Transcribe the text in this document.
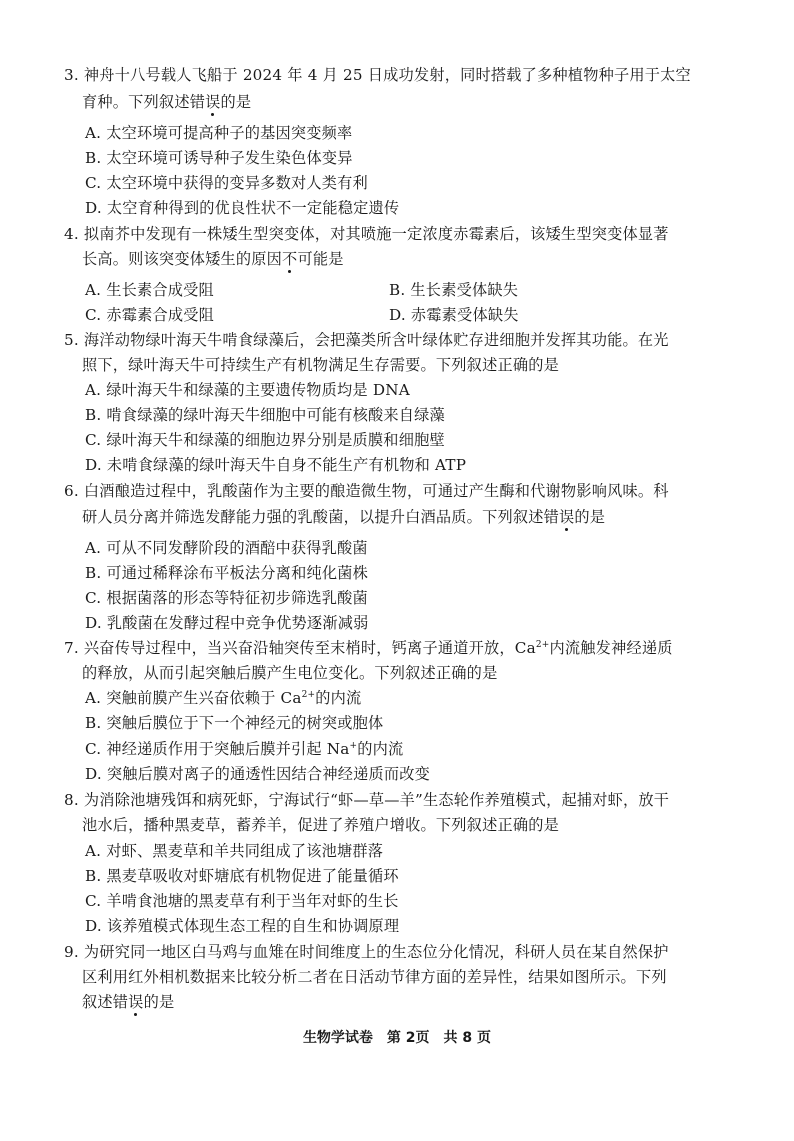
3. 神舟十八号载人飞船于 2024 年 4 月 25 日成功发射，同时搭载了多种植物种子用于太空
育种。下列叙述错误的是
A. 太空环境可提高种子的基因突变频率
B. 太空环境可诱导种子发生染色体变异
C. 太空环境中获得的变异多数对人类有利
D. 太空育种得到的优良性状不一定能稳定遗传
4. 拟南芥中发现有一株矮生型突变体，对其喷施一定浓度赤霉素后，该矮生型突变体显著
长高。则该突变体矮生的原因不可能是
A. 生长素合成受阻	B. 生长素受体缺失
C. 赤霉素合成受阻	D. 赤霉素受体缺失
5. 海洋动物绿叶海天牛啃食绿藻后，会把藻类所含叶绿体贮存进细胞并发挥其功能。在光
照下，绿叶海天牛可持续生产有机物满足生存需要。下列叙述正确的是
A. 绿叶海天牛和绿藻的主要遗传物质均是 DNA
B. 啃食绿藻的绿叶海天牛细胞中可能有核酸来自绿藻
C. 绿叶海天牛和绿藻的细胞边界分别是质膜和细胞壁
D. 未啃食绿藻的绿叶海天牛自身不能生产有机物和 ATP
6. 白酒酿造过程中，乳酸菌作为主要的酿造微生物，可通过产生酶和代谢物影响风味。科
研人员分离并筛选发酵能力强的乳酸菌，以提升白酒品质。下列叙述错误的是
A. 可从不同发酵阶段的酒醅中获得乳酸菌
B. 可通过稀释涂布平板法分离和纯化菌株
C. 根据菌落的形态等特征初步筛选乳酸菌
D. 乳酸菌在发酵过程中竞争优势逐渐减弱
7. 兴奋传导过程中，当兴奋沿轴突传至末梢时，钙离子通道开放，$Ca^{2+}$内流触发神经递质
的释放，从而引起突触后膜产生电位变化。下列叙述正确的是
A. 突触前膜产生兴奋依赖于 $Ca^{2+}$的内流
B. 突触后膜位于下一个神经元的树突或胞体
C. 神经递质作用于突触后膜并引起 Na+的内流
D. 突触后膜对离子的通透性因结合神经递质而改变
8. 为消除池塘残饵和病死虾，宁海试行“虾—草—羊”生态轮作养殖模式，起捕对虾，放干
池水后，播种黑麦草，蓄养羊，促进了养殖户增收。下列叙述正确的是
A. 对虾、黑麦草和羊共同组成了该池塘群落
B. 黑麦草吸收对虾塘底有机物促进了能量循环
C. 羊啃食池塘的黑麦草有利于当年对虾的生长
D. 该养殖模式体现生态工程的自生和协调原理
9. 为研究同一地区白马鸡与血雉在时间维度上的生态位分化情况，科研人员在某自然保护
区利用红外相机数据来比较分析二者在日活动节律方面的差异性，结果如图所示。下列
叙述错误的是
生物学试卷　第 2页　共 8 页
